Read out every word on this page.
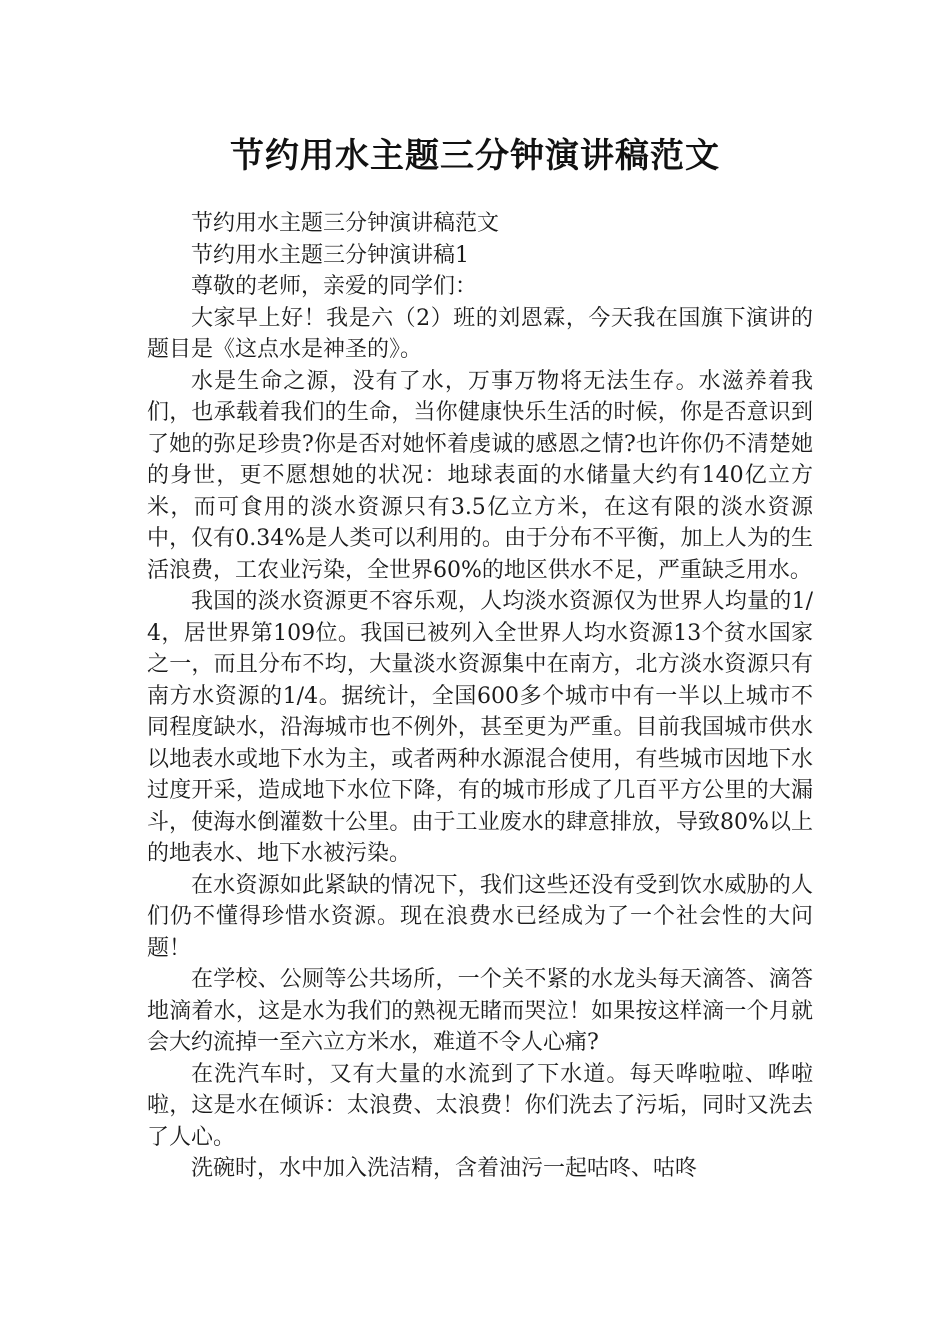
节约用水主题三分钟演讲稿范文

节约用水主题三分钟演讲稿范文

节约用水主题三分钟演讲稿1

尊敬的老师，亲爱的同学们：

大家早上好！我是六（2）班的刘恩霖，今天我在国旗下演讲的题目是《这点水是神圣的》。

水是生命之源，没有了水，万事万物将无法生存。水滋养着我们，也承载着我们的生命，当你健康快乐生活的时候，你是否意识到了她的弥足珍贵?你是否对她怀着虔诚的感恩之情?也许你仍不清楚她的身世，更不愿想她的状况：地球表面的水储量大约有140亿立方米，而可食用的淡水资源只有3.5亿立方米，在这有限的淡水资源中，仅有0.34%是人类可以利用的。由于分布不平衡，加上人为的生活浪费，工农业污染，全世界60%的地区供水不足，严重缺乏用水。

我国的淡水资源更不容乐观，人均淡水资源仅为世界人均量的1/4，居世界第109位。我国已被列入全世界人均水资源13个贫水国家之一，而且分布不均，大量淡水资源集中在南方，北方淡水资源只有南方水资源的1/4。据统计，全国600多个城市中有一半以上城市不同程度缺水，沿海城市也不例外，甚至更为严重。目前我国城市供水以地表水或地下水为主，或者两种水源混合使用，有些城市因地下水过度开采，造成地下水位下降，有的城市形成了几百平方公里的大漏斗，使海水倒灌数十公里。由于工业废水的肆意排放，导致80%以上的地表水、地下水被污染。

在水资源如此紧缺的情况下，我们这些还没有受到饮水威胁的人们仍不懂得珍惜水资源。现在浪费水已经成为了一个社会性的大问题！

在学校、公厕等公共场所，一个关不紧的水龙头每天滴答、滴答地滴着水，这是水为我们的熟视无睹而哭泣！如果按这样滴一个月就会大约流掉一至六立方米水，难道不令人心痛?

在洗汽车时，又有大量的水流到了下水道。每天哗啦啦、哗啦啦，这是水在倾诉：太浪费、太浪费！你们洗去了污垢，同时又洗去了人心。

洗碗时，水中加入洗洁精，含着油污一起咕咚、咕咚
